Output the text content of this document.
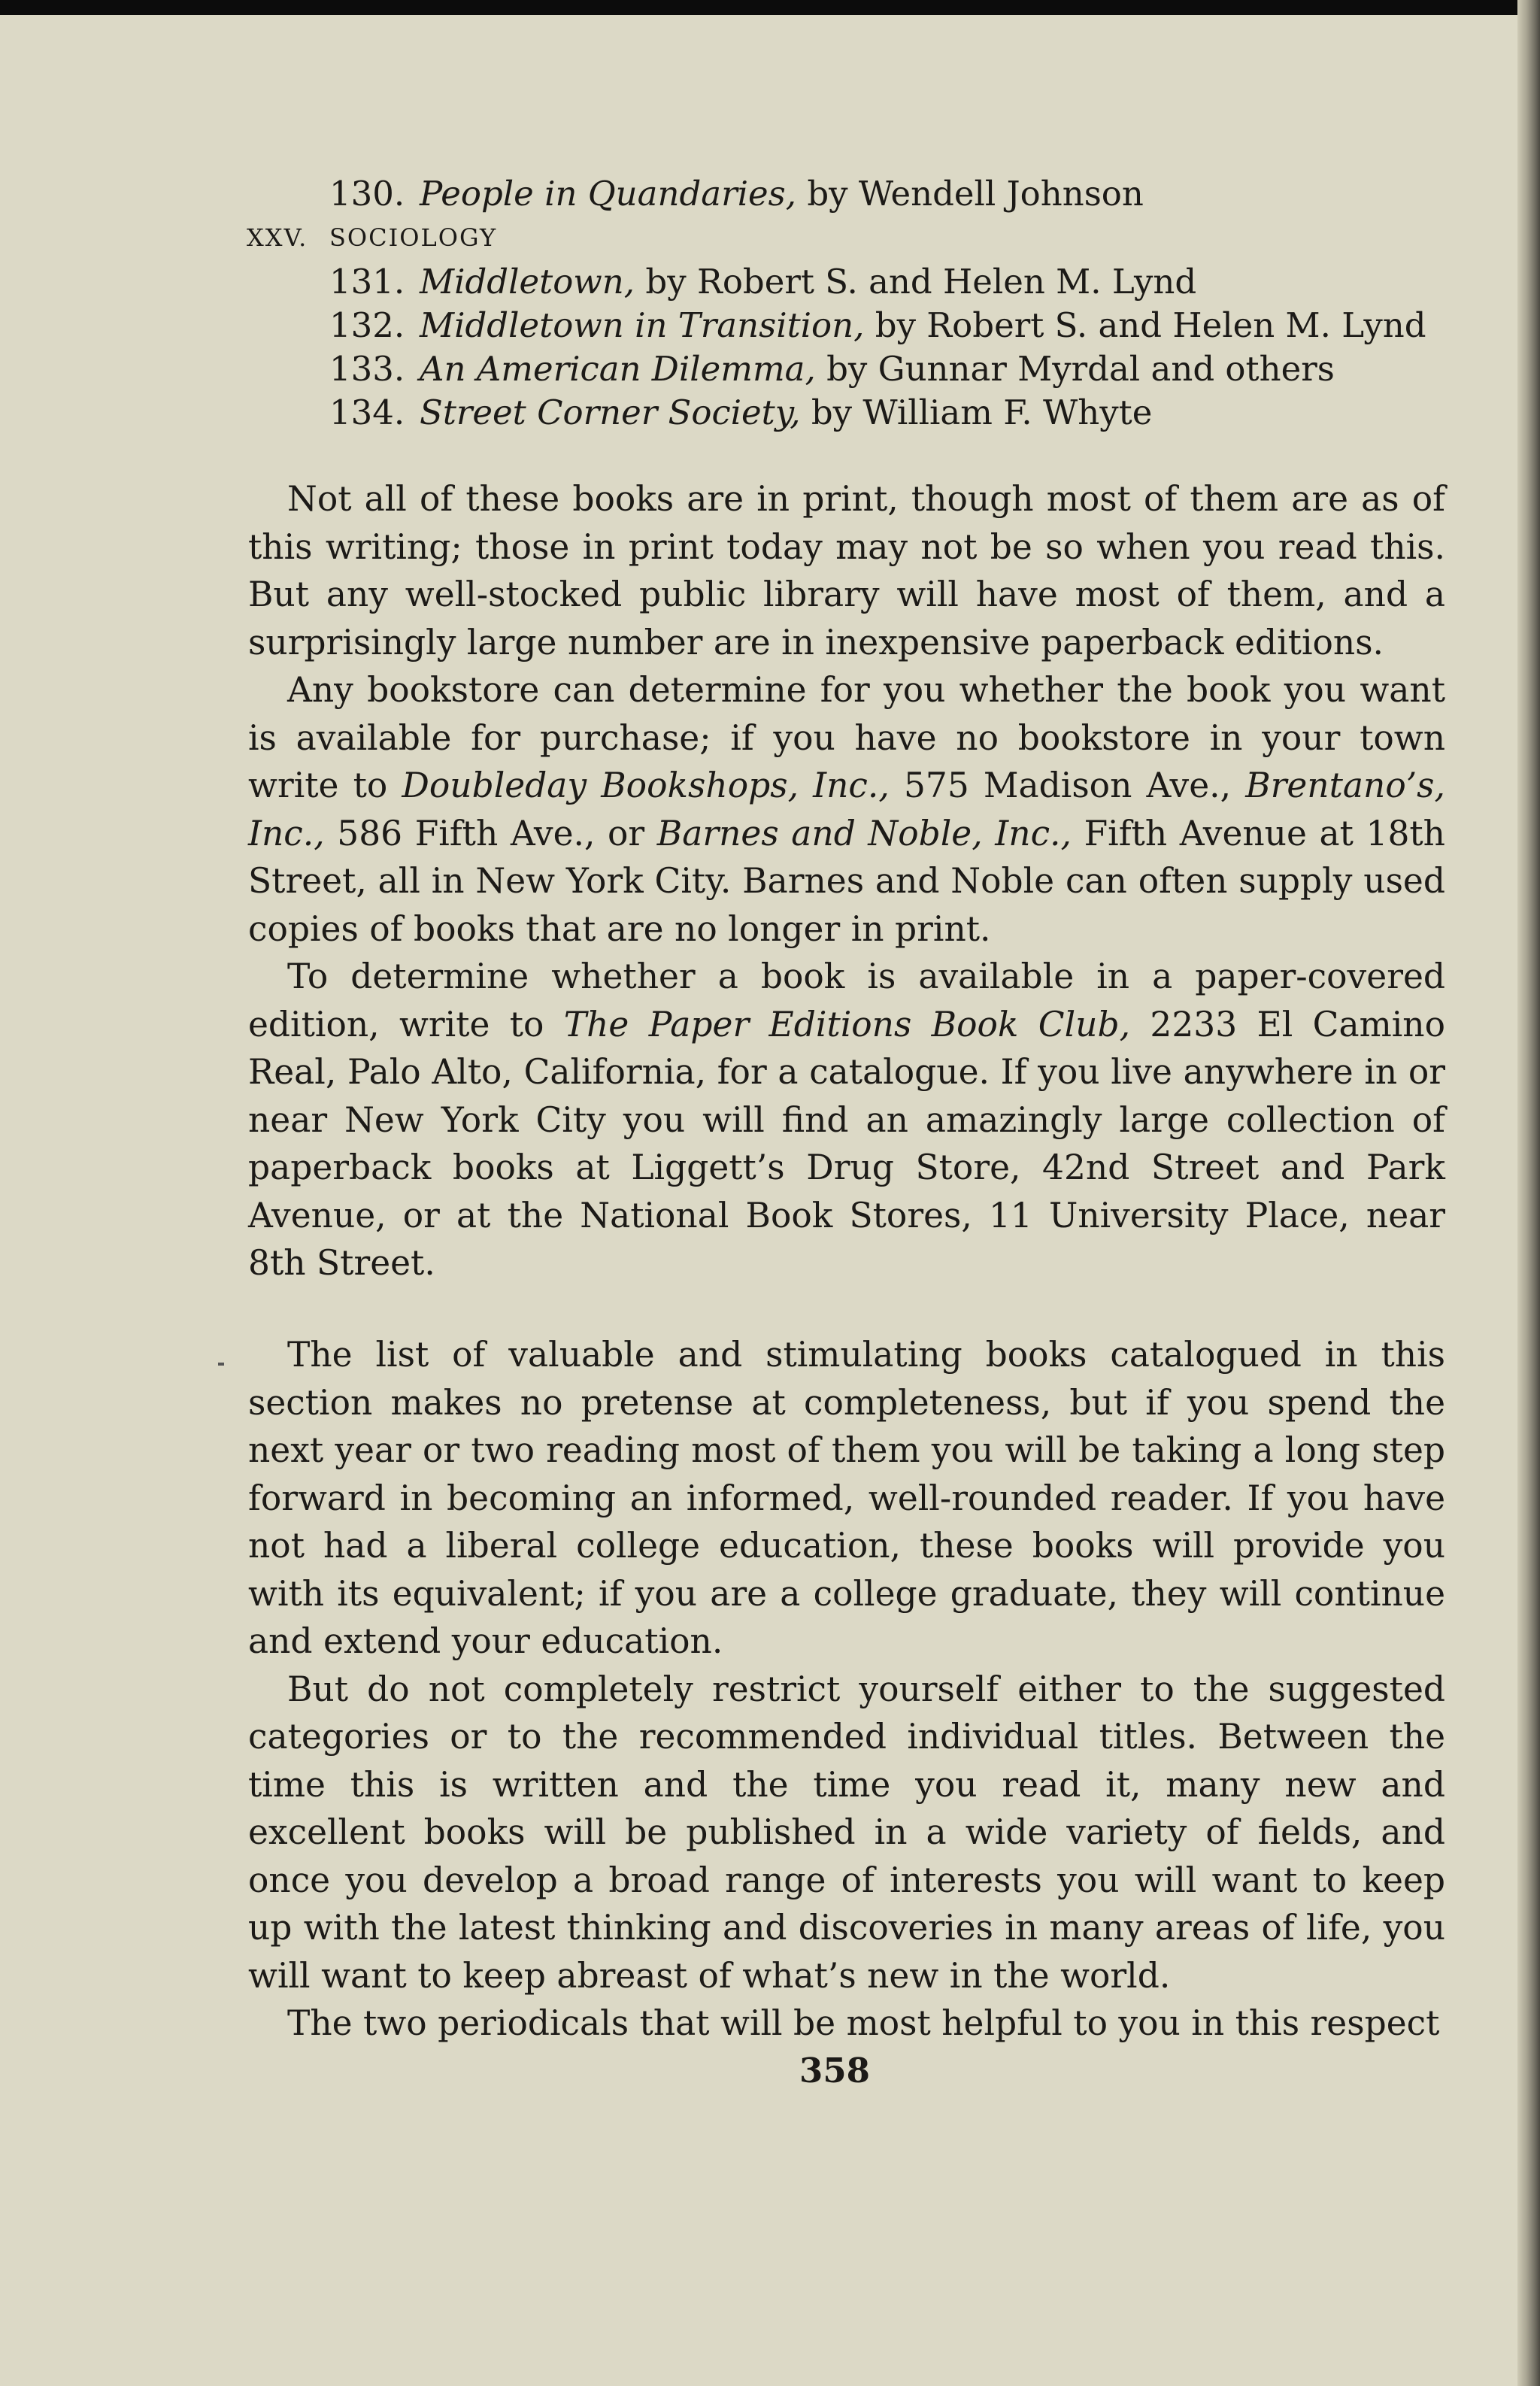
130. People in Quandaries, by Wendell Johnson
XXV. SOCIOLOGY
131. Middletown, by Robert S. and Helen M. Lynd
132. Middletown in Transition, by Robert S. and Helen M. Lynd
133. An American Dilemma, by Gunnar Myrdal and others
134. Street Corner Society, by William F. Whyte

Not all of these books are in print, though most of them are as of this writing; those in print today may not be so when you read this. But any well-stocked public library will have most of them, and a surprisingly large number are in inexpensive paperback editions.

Any bookstore can determine for you whether the book you want is available for purchase; if you have no bookstore in your town write to Doubleday Bookshops, Inc., 575 Madison Ave., Brentano’s, Inc., 586 Fifth Ave., or Barnes and Noble, Inc., Fifth Avenue at 18th Street, all in New York City. Barnes and Noble can often supply used copies of books that are no longer in print.

To determine whether a book is available in a paper-covered edition, write to The Paper Editions Book Club, 2233 El Camino Real, Palo Alto, California, for a catalogue. If you live anywhere in or near New York City you will find an amazingly large collection of paperback books at Liggett’s Drug Store, 42nd Street and Park Avenue, or at the National Book Stores, 11 University Place, near 8th Street.

The list of valuable and stimulating books catalogued in this section makes no pretense at completeness, but if you spend the next year or two reading most of them you will be taking a long step forward in becoming an informed, well-rounded reader. If you have not had a liberal college education, these books will provide you with its equivalent; if you are a college graduate, they will continue and extend your education.

But do not completely restrict yourself either to the suggested categories or to the recommended individual titles. Between the time this is written and the time you read it, many new and excellent books will be published in a wide variety of fields, and once you develop a broad range of interests you will want to keep up with the latest thinking and discoveries in many areas of life, you will want to keep abreast of what’s new in the world.

The two periodicals that will be most helpful to you in this respect

358
